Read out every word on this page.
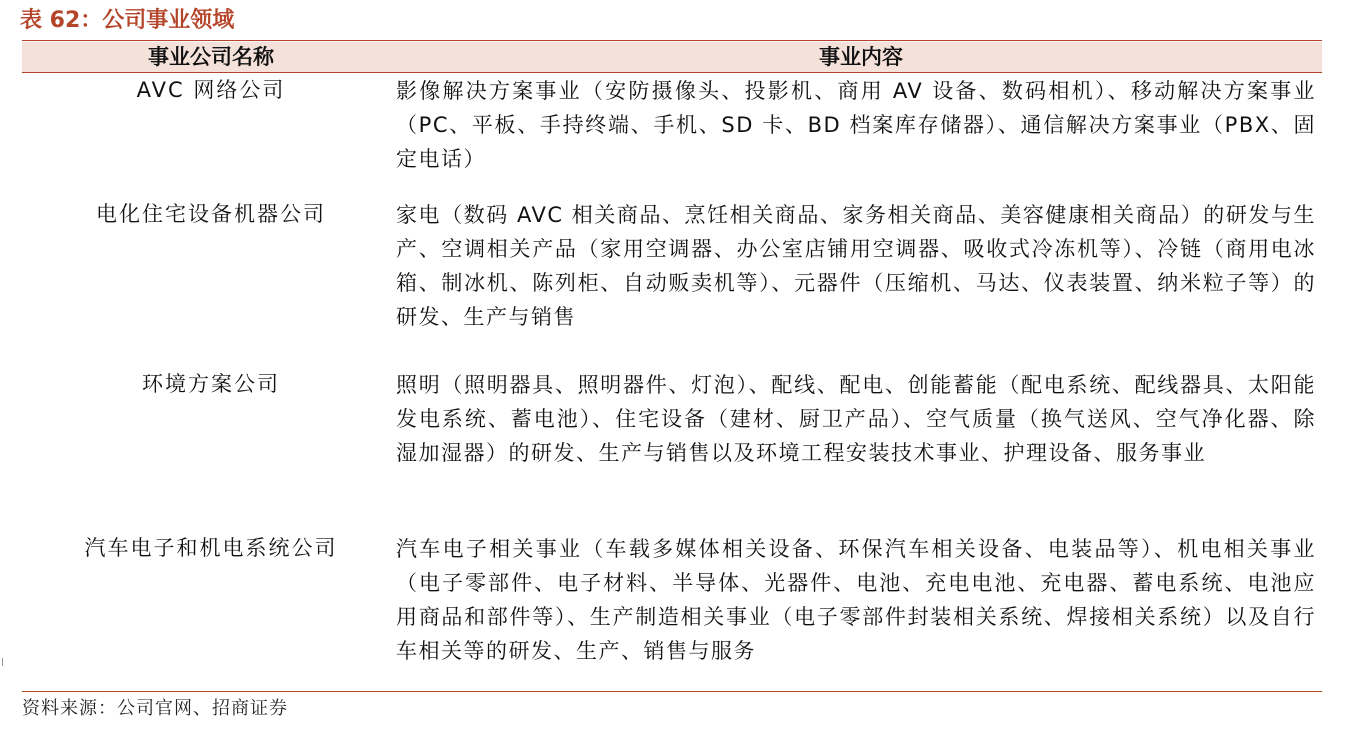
表 62：公司事业领域
事业公司名称	事业内容
AVC 网络公司	影像解决方案事业（安防摄像头、投影机、商用 AV 设备、数码相机）、移动解决方案事业（PC、平板、手持终端、手机、SD 卡、BD 档案库存储器）、通信解决方案事业（PBX、固定电话）
电化住宅设备机器公司	家电（数码 AVC 相关商品、烹饪相关商品、家务相关商品、美容健康相关商品）的研发与生产、空调相关产品（家用空调器、办公室店铺用空调器、吸收式冷冻机等）、冷链（商用电冰箱、制冰机、陈列柜、自动贩卖机等）、元器件（压缩机、马达、仪表装置、纳米粒子等）的研发、生产与销售
环境方案公司	照明（照明器具、照明器件、灯泡）、配线、配电、创能蓄能（配电系统、配线器具、太阳能发电系统、蓄电池）、住宅设备（建材、厨卫产品）、空气质量（换气送风、空气净化器、除湿加湿器）的研发、生产与销售以及环境工程安装技术事业、护理设备、服务事业
汽车电子和机电系统公司	汽车电子相关事业（车载多媒体相关设备、环保汽车相关设备、电装品等）、机电相关事业（电子零部件、电子材料、半导体、光器件、电池、充电电池、充电器、蓄电系统、电池应用商品和部件等）、生产制造相关事业（电子零部件封装相关系统、焊接相关系统）以及自行车相关等的研发、生产、销售与服务
资料来源：公司官网、招商证券
